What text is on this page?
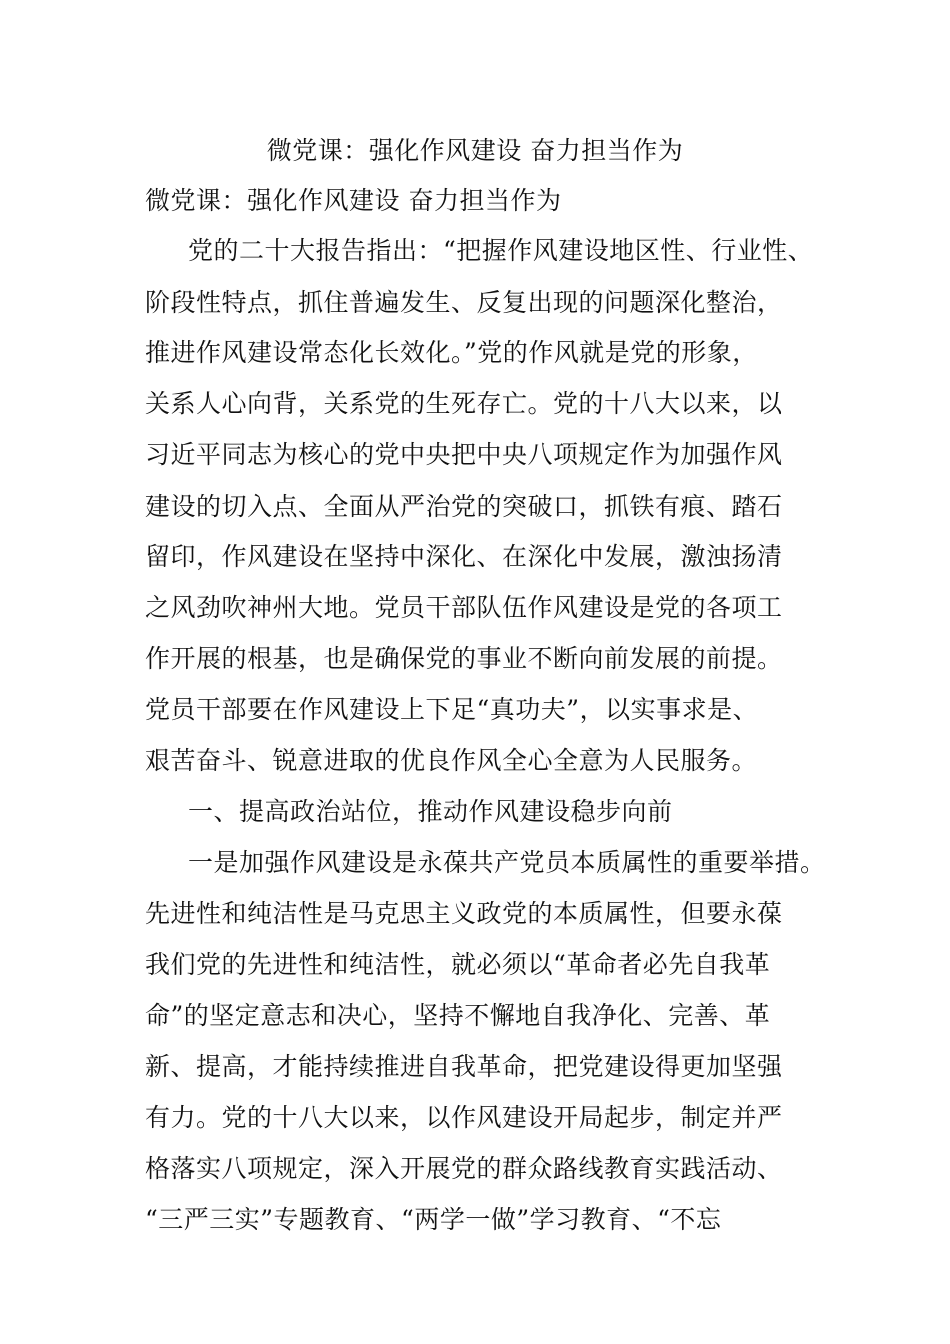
微党课：强化作风建设 奋力担当作为
微党课：强化作风建设 奋力担当作为
党的二十大报告指出：“把握作风建设地区性、行业性、
阶段性特点，抓住普遍发生、反复出现的问题深化整治，
推进作风建设常态化长效化。”党的作风就是党的形象，
关系人心向背，关系党的生死存亡。党的十八大以来，以
习近平同志为核心的党中央把中央八项规定作为加强作风
建设的切入点、全面从严治党的突破口，抓铁有痕、踏石
留印，作风建设在坚持中深化、在深化中发展，激浊扬清
之风劲吹神州大地。党员干部队伍作风建设是党的各项工
作开展的根基，也是确保党的事业不断向前发展的前提。
党员干部要在作风建设上下足“真功夫”，以实事求是、
艰苦奋斗、锐意进取的优良作风全心全意为人民服务。
一、提高政治站位，推动作风建设稳步向前
一是加强作风建设是永葆共产党员本质属性的重要举措。
先进性和纯洁性是马克思主义政党的本质属性，但要永葆
我们党的先进性和纯洁性，就必须以“革命者必先自我革
命”的坚定意志和决心，坚持不懈地自我净化、完善、革
新、提高，才能持续推进自我革命，把党建设得更加坚强
有力。党的十八大以来，以作风建设开局起步，制定并严
格落实八项规定，深入开展党的群众路线教育实践活动、
“三严三实”专题教育、“两学一做”学习教育、“不忘
